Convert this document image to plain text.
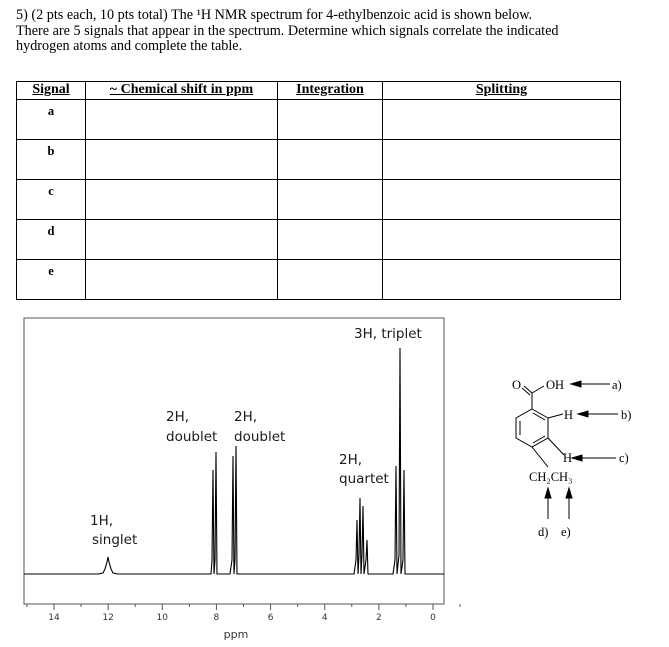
5) (2 pts each, 10 pts total) The ¹H NMR spectrum for 4-ethylbenzoic acid is shown below.

There are 5 signals that appear in the spectrum. Determine which signals correlate the indicated

hydrogen atoms and complete the table.

Signal	~ Chemical shift in ppm	Integration	Splitting
a			
b			
c			
d			
e			
14	12	10	8	6	4	2	0
ppm
1H,
singlet
2H,
doublet
2H,
doublet
2H,
quartet
3H, triplet
O OH
H
H
CH₂CH₃
a)
b)
c)
d) e)
